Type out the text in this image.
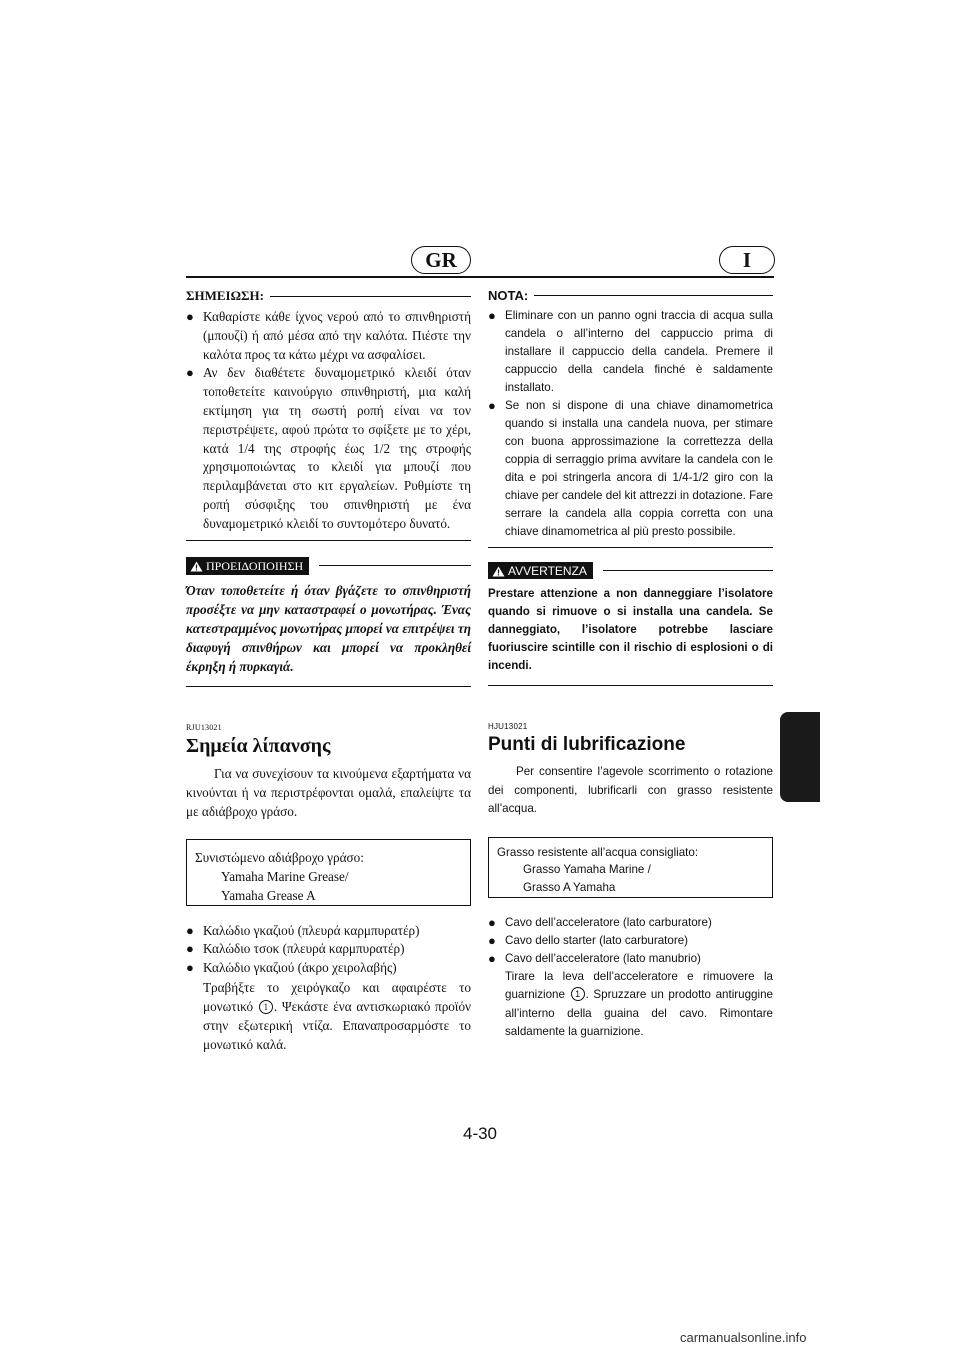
GR	I
ΣΗΜΕΙΩΣΗ:

● Καθαρίστε κάθε ίχνος νερού από το σπινθηριστή (μπουζί) ή από μέσα από την καλότα. Πιέστε την καλότα προς τα κάτω μέχρι να ασφαλίσει.

● Αν δεν διαθέτετε δυναμομετρικό κλειδί όταν τοποθετείτε καινούργιο σπινθηριστή, μια καλή εκτίμηση για τη σωστή ροπή είναι να τον περιστρέψετε, αφού πρώτα το σφίξετε με το χέρι, κατά 1/4 της στροφής έως 1/2 της στροφής χρησιμοποιώντας το κλειδί για μπουζί που περιλαμβάνεται στο κιτ εργαλείων. Ρυθμίστε τη ροπή σύσφιξης του σπινθηριστή με ένα δυναμομετρικό κλειδί το συντομότερο δυνατό.

ΠΡΟΕΙΔΟΠΟΙΗΣΗ

Όταν τοποθετείτε ή όταν βγάζετε το σπινθηριστή προσέξτε να μην καταστραφεί ο μονωτήρας. Ένας κατεστραμμένος μονωτήρας μπορεί να επιτρέψει τη διαφυγή σπινθήρων και μπορεί να προκληθεί έκρηξη ή πυρκαγιά.

RJU13021
Σημεία λίπανσης

Για να συνεχίσουν τα κινούμενα εξαρτήματα να κινούνται ή να περιστρέφονται ομαλά, επαλείψτε τα με αδιάβροχο γράσο.

Συνιστώμενο αδιάβροχο γράσο:

Yamaha Marine Grease/

Yamaha Grease A

● Καλώδιο γκαζιού (πλευρά καρμπυρατέρ)

● Καλώδιο τσοκ (πλευρά καρμπυρατέρ)

● Καλώδιο γκαζιού (άκρο χειρολαβής)

Τραβήξτε το χειρόγκαζο και αφαιρέστε το μονωτικό 1 . Ψεκάστε ένα αντισκωριακό προϊόν στην εξωτερική ντίζα. Επαναπροσαρμόστε το μονωτικό καλά.

NOTA:

● Eliminare con un panno ogni traccia di acqua sulla candela o all’interno del cappuccio prima di installare il cappuccio della candela. Premere il cappuccio della candela finché è saldamente installato.

● Se non si dispone di una chiave dinamometrica quando si installa una candela nuova, per stimare con buona approssimazione la correttezza della coppia di serraggio prima avvitare la candela con le dita e poi stringerla ancora di 1/4-1/2 giro con la chiave per candele del kit attrezzi in dotazione. Fare serrare la candela alla coppia corretta con una chiave dinamometrica al più presto possibile.

AVVERTENZA

Prestare attenzione a non danneggiare l’isolatore quando si rimuove o si installa una candela. Se danneggiato, l’isolatore potrebbe lasciare fuoriuscire scintille con il rischio di esplosioni o di incendi.

HJU13021
Punti di lubrificazione

Per consentire l’agevole scorrimento o rotazione dei componenti, lubrificarli con grasso resistente all’acqua.

Grasso resistente all’acqua consigliato:

Grasso Yamaha Marine /

Grasso A Yamaha

● Cavo dell’acceleratore (lato carburatore)

● Cavo dello starter (lato carburatore)

● Cavo dell’acceleratore (lato manubrio)

Tirare la leva dell’acceleratore e rimuovere la guarnizione 1 . Spruzzare un prodotto antiruggine all’interno della guaina del cavo. Rimontare saldamente la guarnizione.

4-30
carmanualsonline.info
